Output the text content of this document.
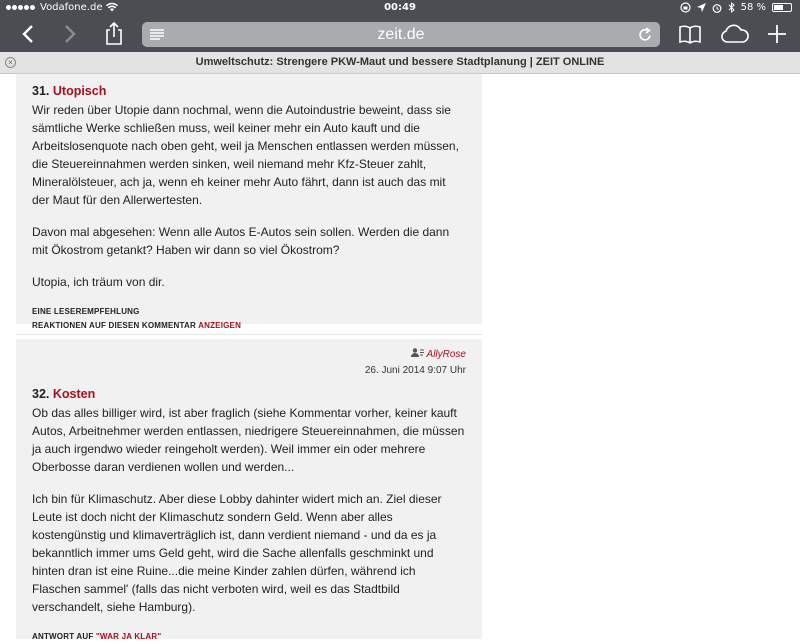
Vodafone.de	00:49	58 %
zeit.de
×	Umweltschutz: Strengere PKW-Maut und bessere Stadtplanung | ZEIT ONLINE
31. Utopisch

Wir reden über Utopie dann nochmal, wenn die Autoindustrie beweint, dass sie sämtliche Werke schließen muss, weil keiner mehr ein Auto kauft und die Arbeitslosenquote nach oben geht, weil ja Menschen entlassen werden müssen, die Steuereinnahmen werden sinken, weil niemand mehr Kfz-Steuer zahlt, Mineralölsteuer, ach ja, wenn eh keiner mehr Auto fährt, dann ist auch das mit der Maut für den Allerwertesten.

Davon mal abgesehen: Wenn alle Autos E-Autos sein sollen. Werden die dann mit Ökostrom getankt? Haben wir dann so viel Ökostrom?

Utopia, ich träum von dir.

EINE LESEREMPFEHLUNG
REAKTIONEN AUF DIESEN KOMMENTAR ANZEIGEN
AllyRose
26. Juni 2014 9:07 Uhr
32. Kosten

Ob das alles billiger wird, ist aber fraglich (siehe Kommentar vorher, keiner kauft Autos, Arbeitnehmer werden entlassen, niedrigere Steuereinnahmen, die müssen ja auch irgendwo wieder reingeholt werden). Weil immer ein oder mehrere Oberbosse daran verdienen wollen und werden...

Ich bin für Klimaschutz. Aber diese Lobby dahinter widert mich an. Ziel dieser Leute ist doch nicht der Klimaschutz sondern Geld. Wenn aber alles kostengünstig und klimaverträglich ist, dann verdient niemand - und da es ja bekanntlich immer ums Geld geht, wird die Sache allenfalls geschminkt und hinten dran ist eine Ruine...die meine Kinder zahlen dürfen, während ich Flaschen sammel' (falls das nicht verboten wird, weil es das Stadtbild verschandelt, siehe Hamburg).

ANTWORT AUF "WAR JA KLAR"
